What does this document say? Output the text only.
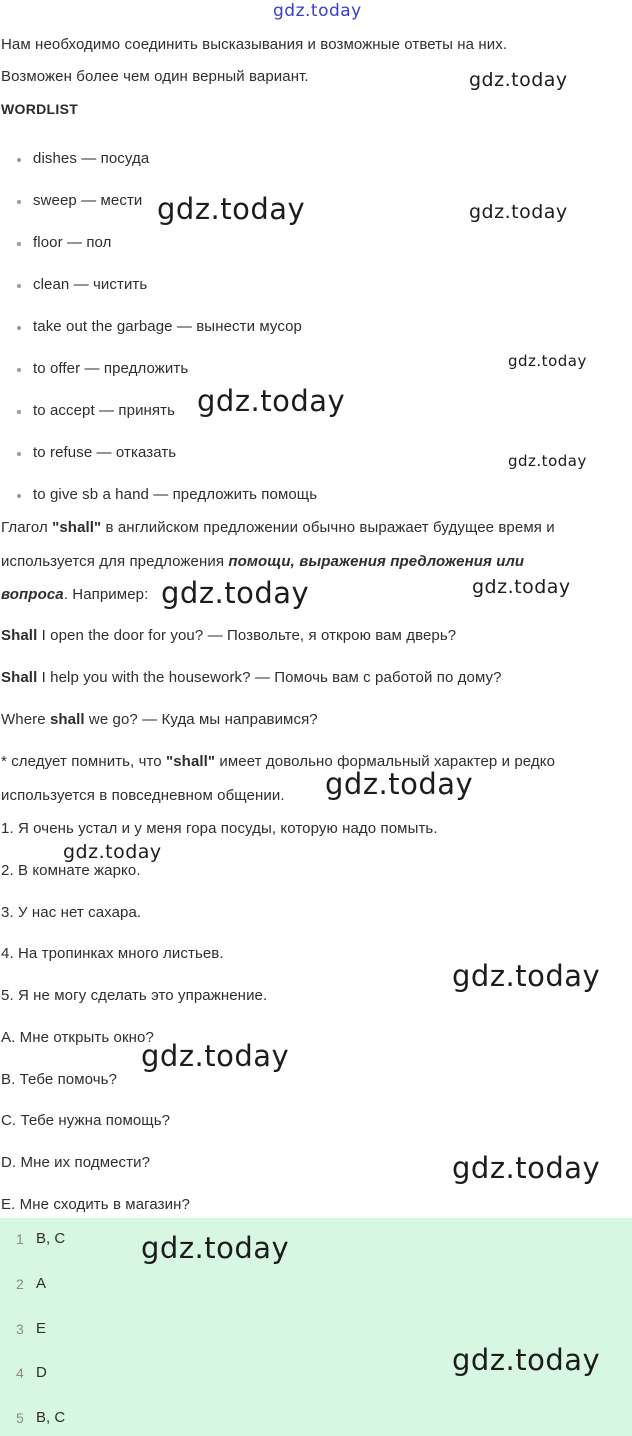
gdz.today
Нам необходимо соединить высказывания и возможные ответы на них.
Возможен более чем один верный вариант.
WORDLIST
dishes — посуда
sweep — мести
floor — пол
clean — чистить
take out the garbage — вынести мусор
to offer — предложить
to accept — принять
to refuse — отказать
to give sb a hand — предложить помощь
Глагол "shall" в английском предложении обычно выражает будущее время и
используется для предложения помощи, выражения предложения или
вопроса. Например:
Shall I open the door for you? — Позвольте, я открою вам дверь?
Shall I help you with the housework? — Помочь вам с работой по дому?
Where shall we go? — Куда мы направимся?
* следует помнить, что "shall" имеет довольно формальный характер и редко
используется в повседневном общении.
1. Я очень устал и у меня гора посуды, которую надо помыть.
2. В комнате жарко.
3. У нас нет сахара.
4. На тропинках много листьев.
5. Я не могу сделать это упражнение.
A. Мне открыть окно?
B. Тебе помочь?
C. Тебе нужна помощь?
D. Мне их подмести?
E. Мне сходить в магазин?
1 B, C
2 A
3 E
4 D
5 B, C
gdz.today
gdz.today	gdz.today
gdz.today
gdz.today
gdz.today
gdz.today	gdz.today
gdz.today
gdz.today
gdz.today
gdz.today
gdz.today
gdz.today
gdz.today
